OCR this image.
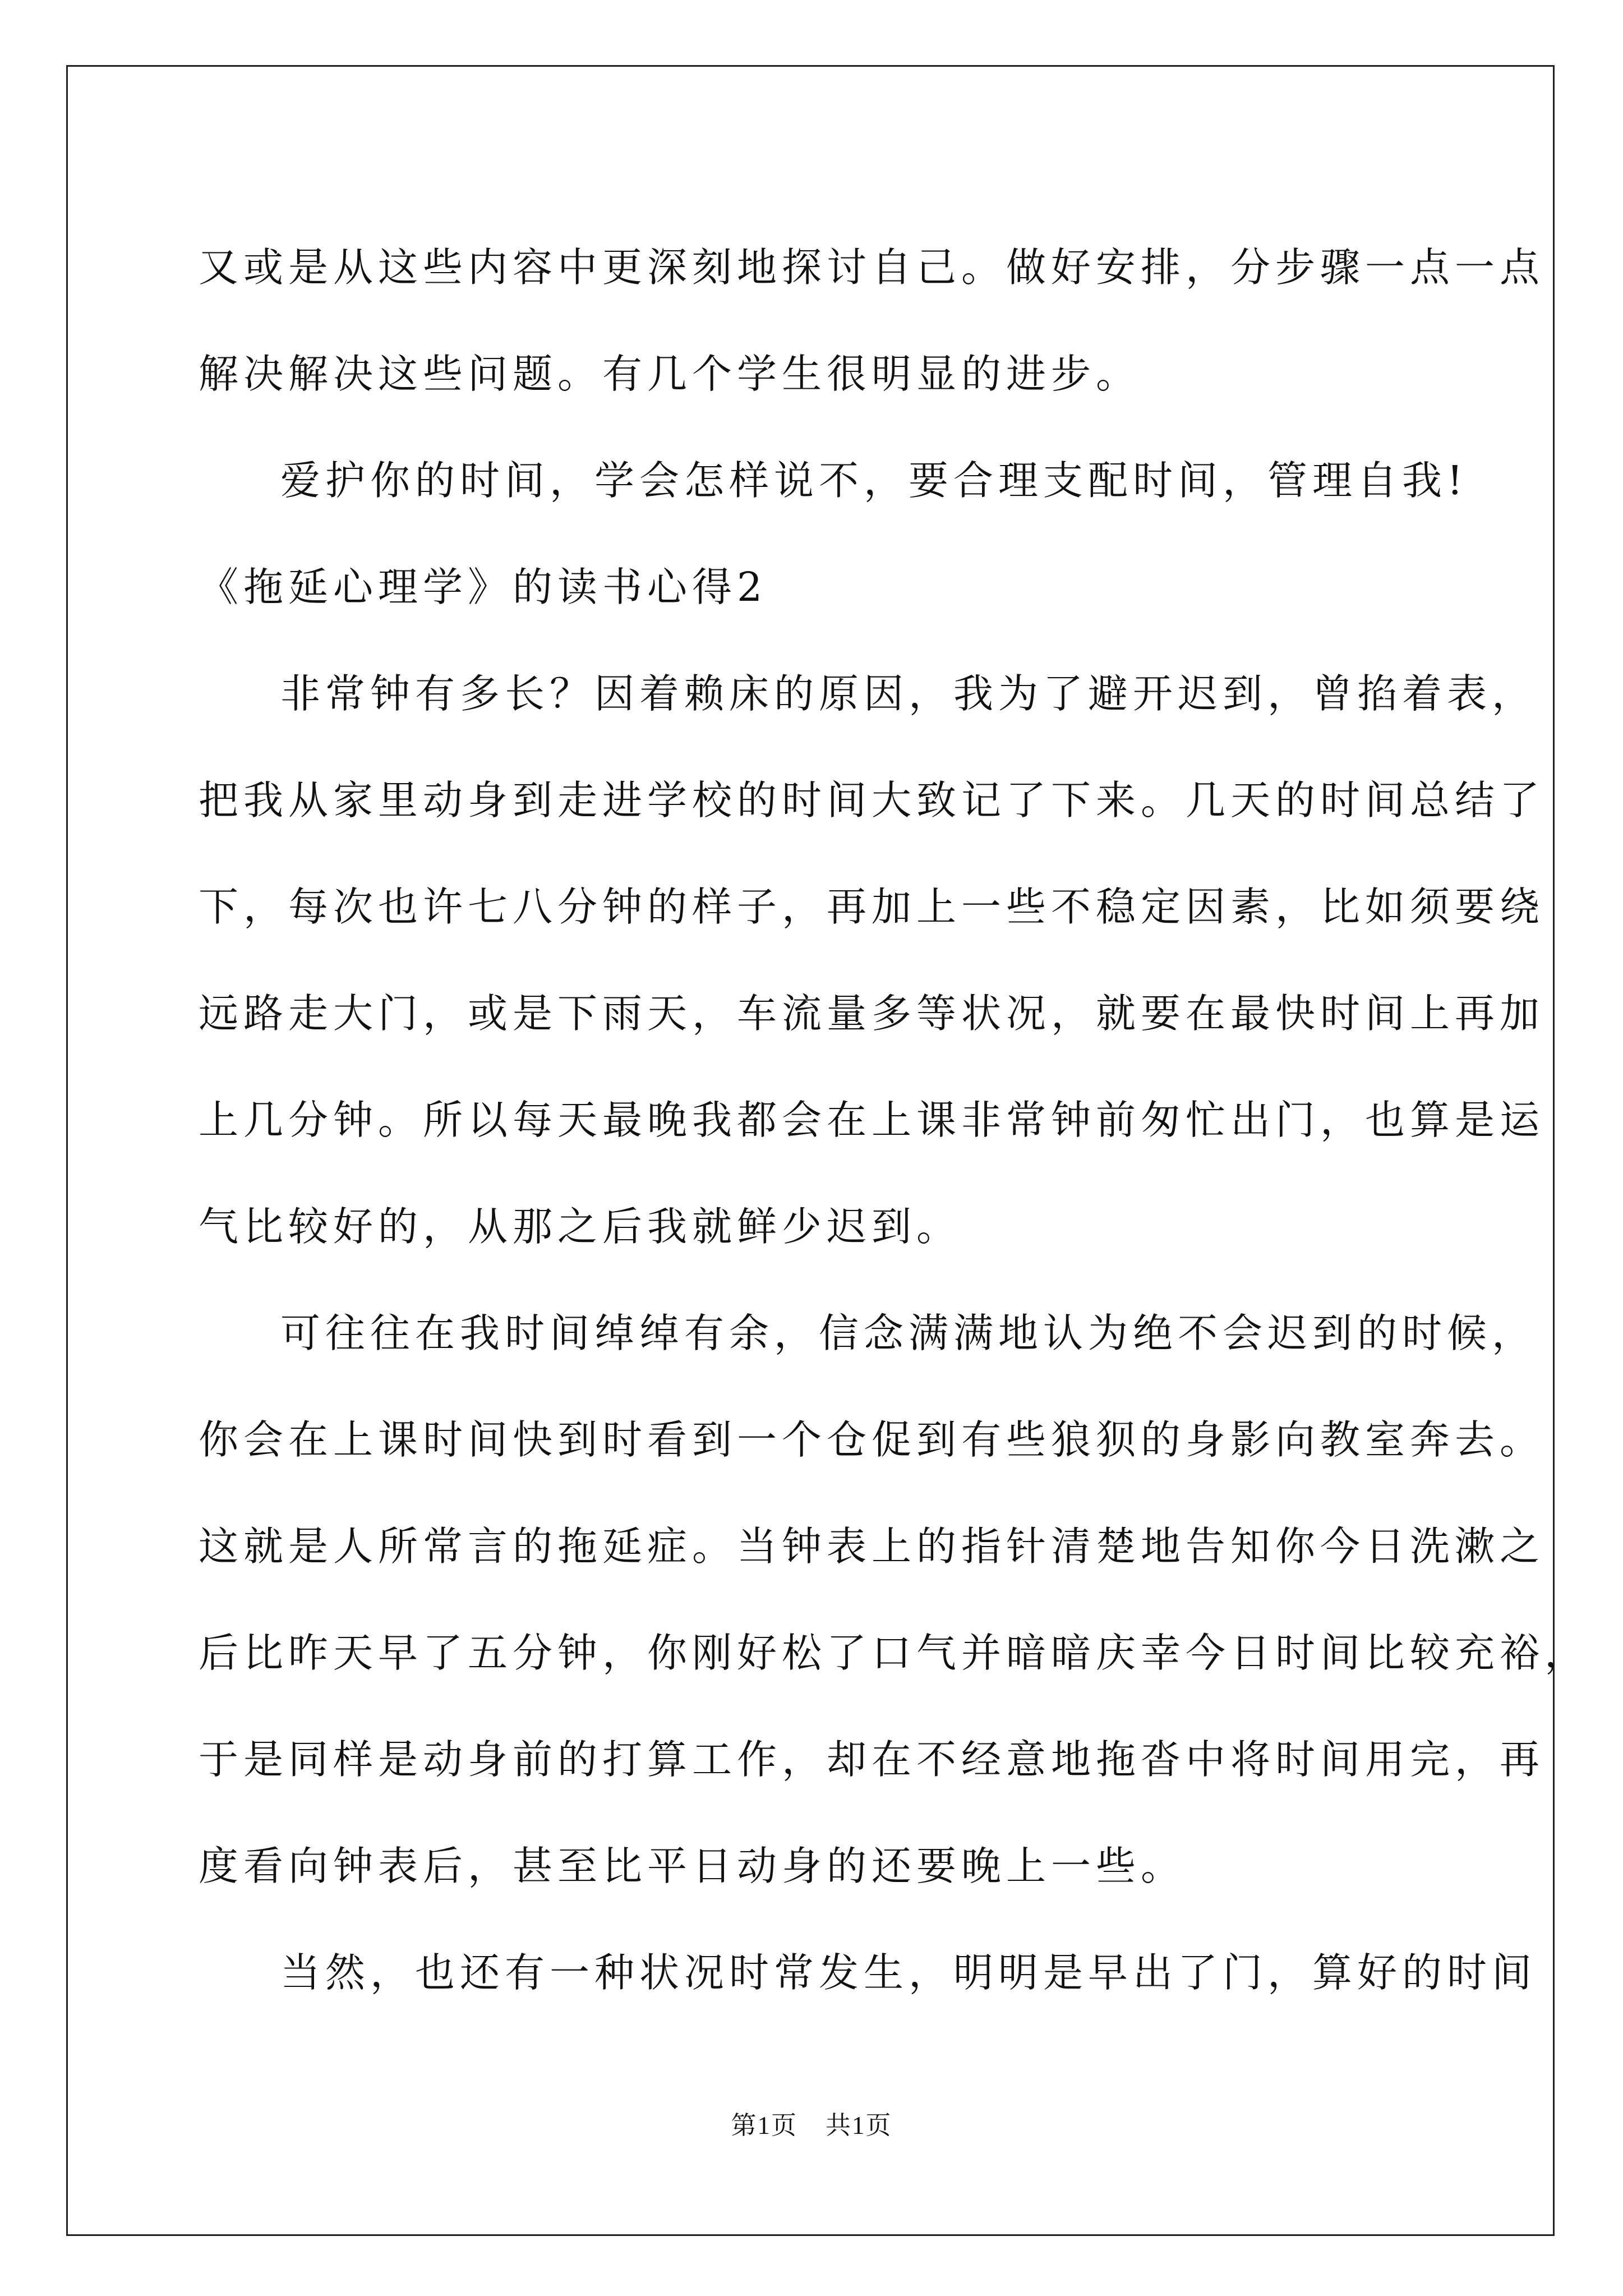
又或是从这些内容中更深刻地探讨自己。做好安排，分步骤一点一点
解决解决这些问题。有几个学生很明显的进步。
爱护你的时间，学会怎样说不，要合理支配时间，管理自我!
《拖延心理学》的读书心得2
非常钟有多长？因着赖床的原因，我为了避开迟到，曾掐着表，
把我从家里动身到走进学校的时间大致记了下来。几天的时间总结了
下，每次也许七八分钟的样子，再加上一些不稳定因素，比如须要绕
远路走大门，或是下雨天，车流量多等状况，就要在最快时间上再加
上几分钟。所以每天最晚我都会在上课非常钟前匆忙出门，也算是运
气比较好的，从那之后我就鲜少迟到。
可往往在我时间绰绰有余，信念满满地认为绝不会迟到的时候，
你会在上课时间快到时看到一个仓促到有些狼狈的身影向教室奔去。
这就是人所常言的拖延症。当钟表上的指针清楚地告知你今日洗漱之
后比昨天早了五分钟，你刚好松了口气并暗暗庆幸今日时间比较充裕，
于是同样是动身前的打算工作，却在不经意地拖沓中将时间用完，再
度看向钟表后，甚至比平日动身的还要晚上一些。
当然，也还有一种状况时常发生，明明是早出了门，算好的时间
第1页 共1页
